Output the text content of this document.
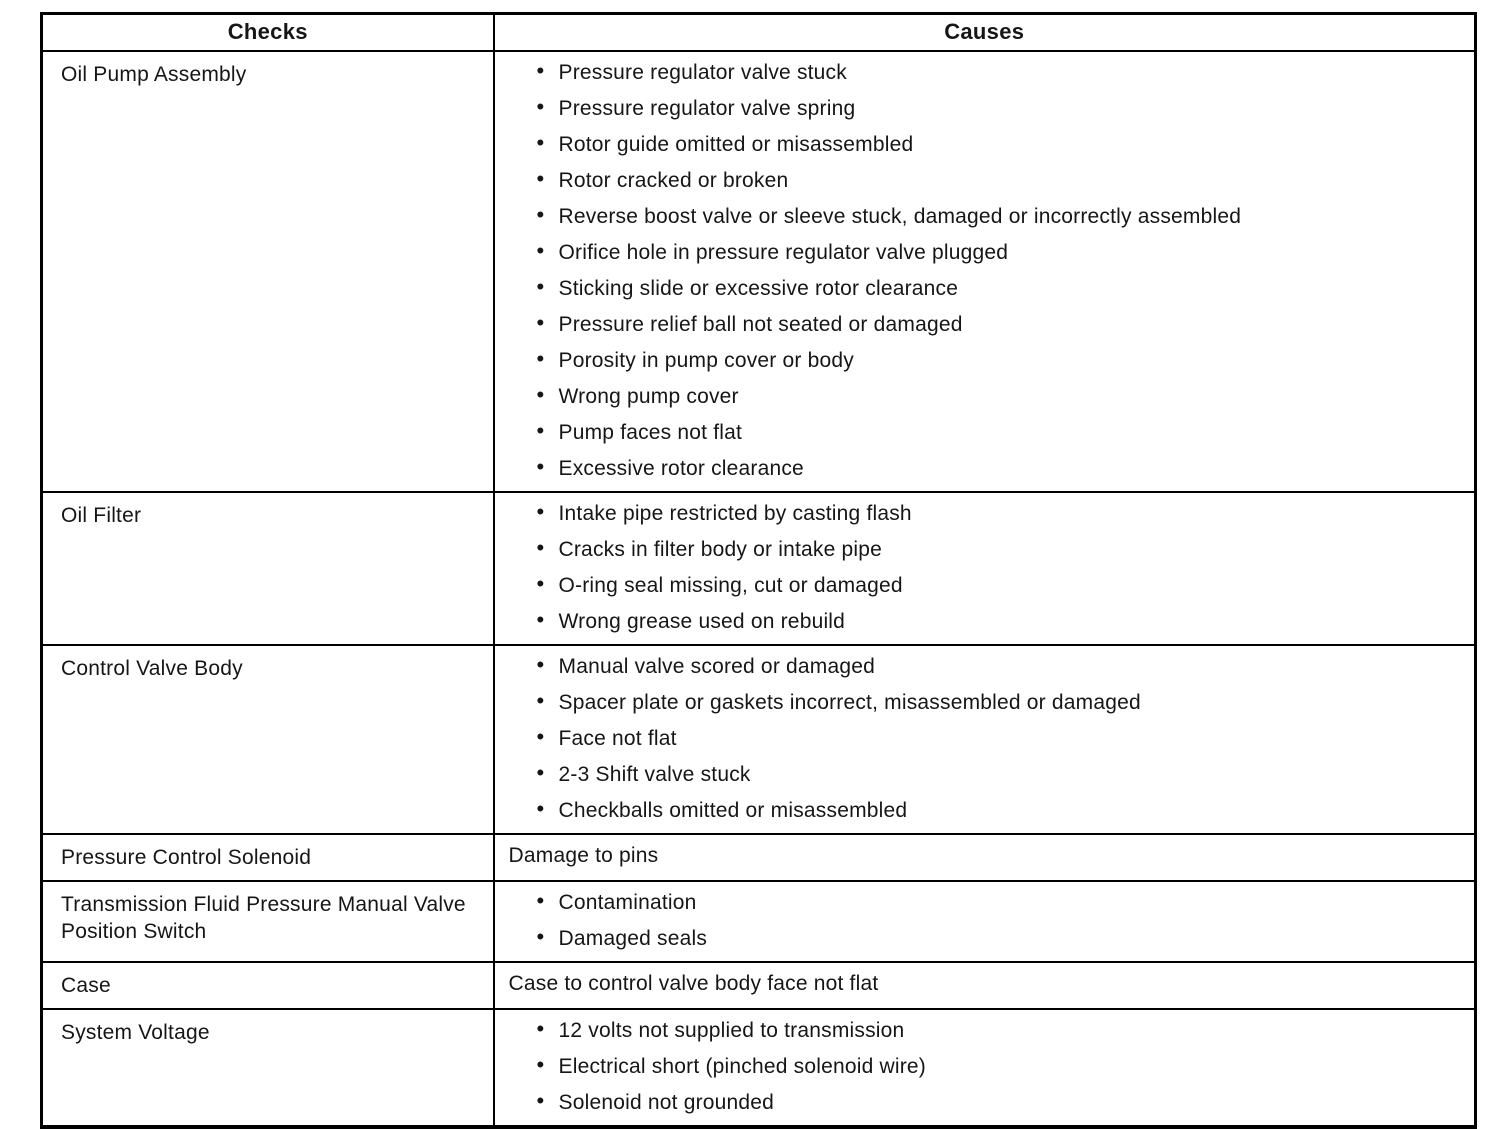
Checks	Causes
Oil Pump Assembly	
•Pressure regulator valve stuck
• Pressure regulator valve spring
• Rotor guide omitted or misassembled
• Rotor cracked or broken
• Reverse boost valve or sleeve stuck, damaged or incorrectly assembled
• Orifice hole in pressure regulator valve plugged
• Sticking slide or excessive rotor clearance
• Pressure relief ball not seated or damaged
• Porosity in pump cover or body
• Wrong pump cover
• Pump faces not flat
• Excessive rotor clearance

Oil Filter	
•Intake pipe restricted by casting flash
• Cracks in filter body or intake pipe
• O-ring seal missing, cut or damaged
• Wrong grease used on rebuild

Control Valve Body	
•Manual valve scored or damaged
• Spacer plate or gaskets incorrect, misassembled or damaged
• Face not flat
• 2-3 Shift valve stuck
• Checkballs omitted or misassembled

Pressure Control Solenoid	Damage to pins

Transmission Fluid Pressure Manual Valve Position Switch	
• Contamination
• Damaged seals

Case	Case to control valve body face not flat

System Voltage	
•12 volts not supplied to transmission
• Electrical short (pinched solenoid wire)
• Solenoid not grounded
